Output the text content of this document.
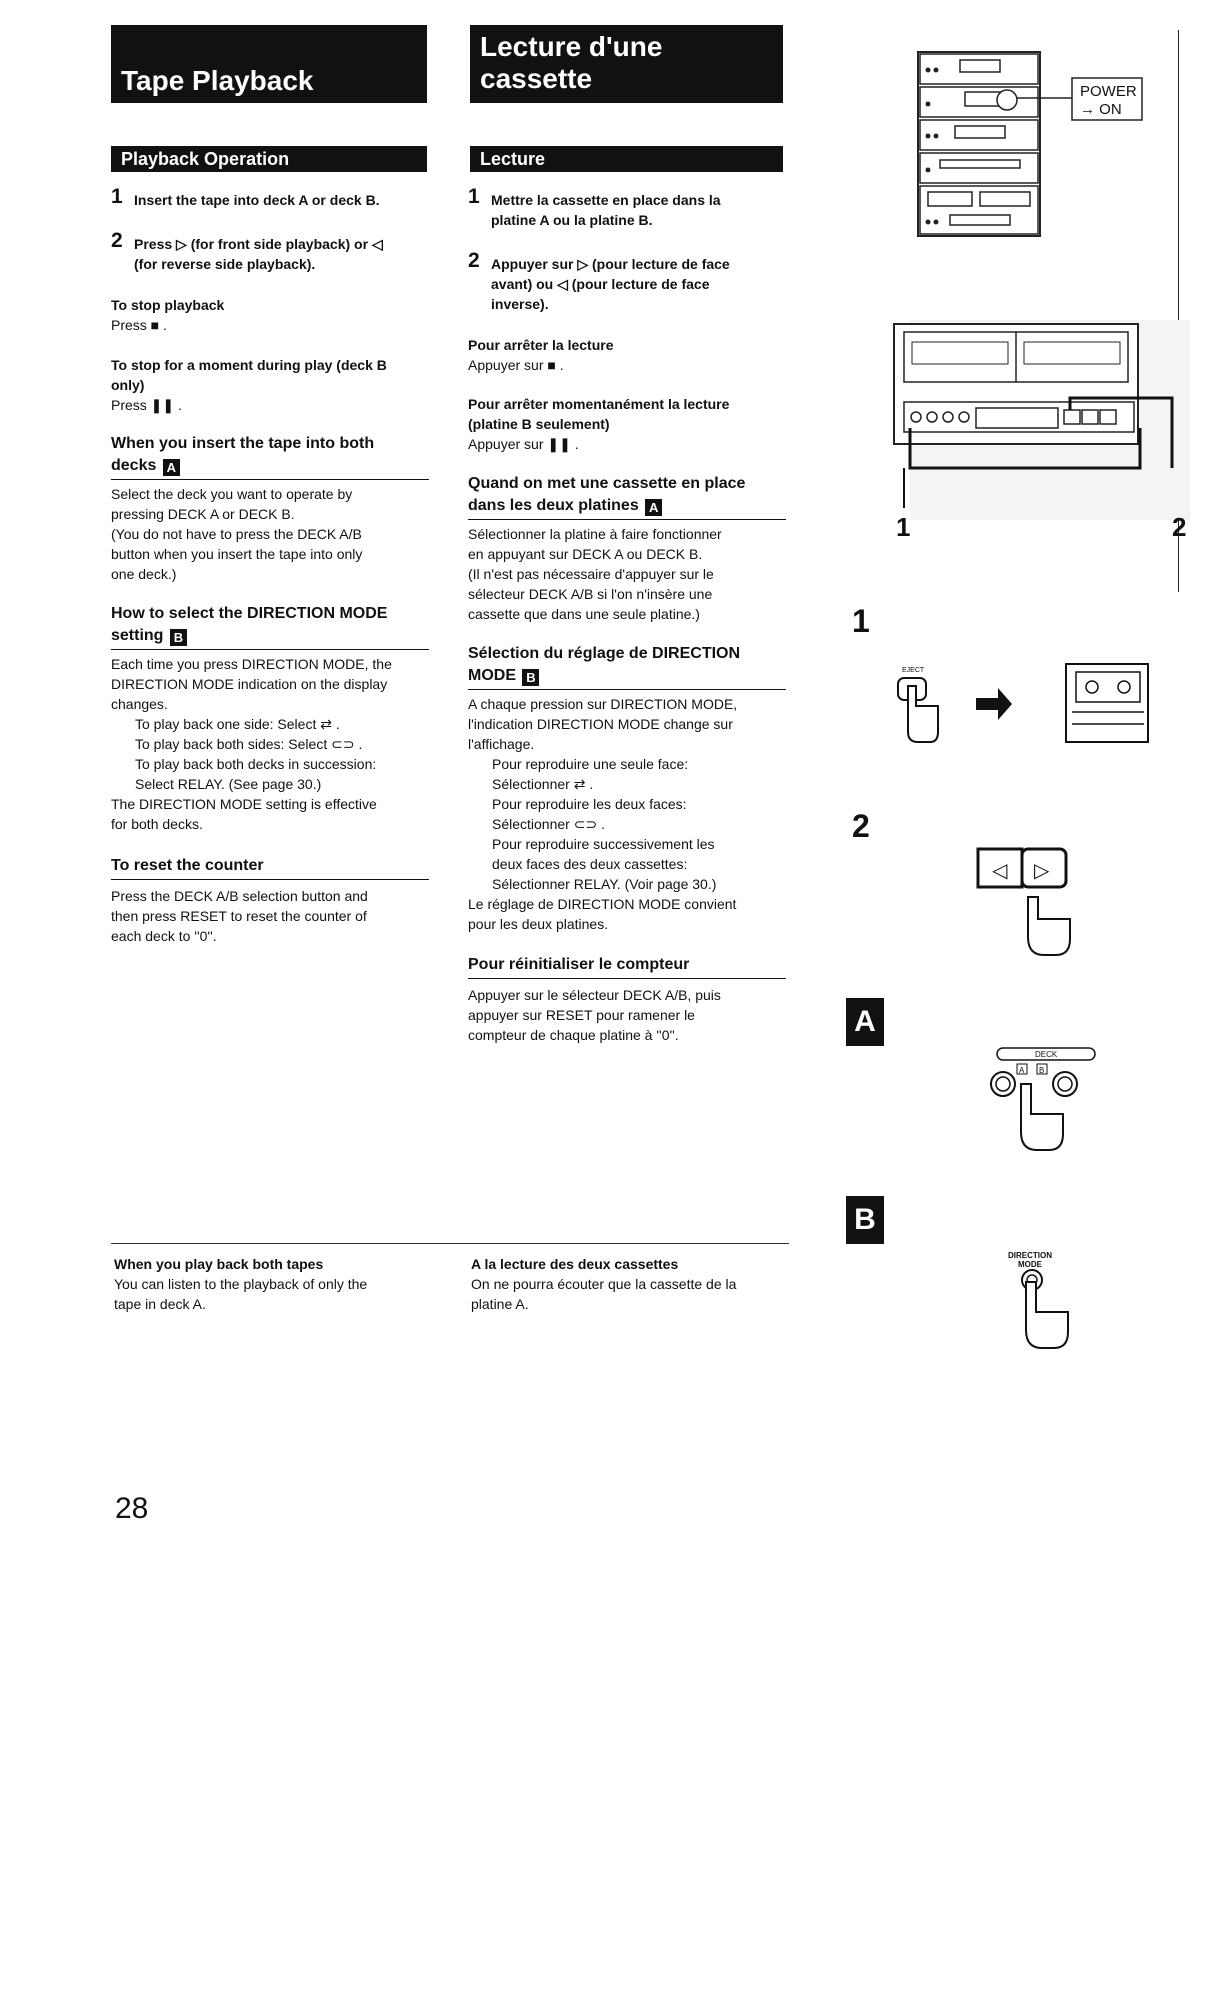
Tape Playback
Playback Operation
1 Insert the tape into deck A or deck B.
2 Press ▷ (for front side playback) or ◁
(for reverse side playback).
To stop playback
Press ■ .
To stop for a moment during play (deck B
only)
Press ❚❚ .
When you insert the tape into both
decks A
Select the deck you want to operate by
pressing DECK A or DECK B.
(You do not have to press the DECK A/B
button when you insert the tape into only
one deck.)
How to select the DIRECTION MODE
setting B
Each time you press DIRECTION MODE, the
DIRECTION MODE indication on the display
changes.
To play back one side: Select ⇄ .
To play back both sides: Select ⊂⊃ .
To play back both decks in succession:
Select RELAY. (See page 30.)
The DIRECTION MODE setting is effective
for both decks.
To reset the counter
Press the DECK A/B selection button and
then press RESET to reset the counter of
each deck to ''0''.
Lecture d'une
cassette
Lecture
1 Mettre la cassette en place dans la
platine A ou la platine B.
2 Appuyer sur ▷ (pour lecture de face
avant) ou ◁ (pour lecture de face
inverse).
Pour arrêter la lecture
Appuyer sur ■ .
Pour arrêter momentanément la lecture
(platine B seulement)
Appuyer sur ❚❚ .
Quand on met une cassette en place
dans les deux platines A
Sélectionner la platine à faire fonctionner
en appuyant sur DECK A ou DECK B.
(Il n'est pas nécessaire d'appuyer sur le
sélecteur DECK A/B si l'on n'insère une
cassette que dans une seule platine.)
Sélection du réglage de DIRECTION
MODE B
A chaque pression sur DIRECTION MODE,
l'indication DIRECTION MODE change sur
l'affichage.
Pour reproduire une seule face:
Sélectionner ⇄ .
Pour reproduire les deux faces:
Sélectionner ⊂⊃ .
Pour reproduire successivement les
deux faces des deux cassettes:
Sélectionner RELAY. (Voir page 30.)
Le réglage de DIRECTION MODE convient
pour les deux platines.
Pour réinitialiser le compteur
Appuyer sur le sélecteur DECK A/B, puis
appuyer sur RESET pour ramener le
compteur de chaque platine à ''0''.
When you play back both tapes
You can listen to the playback of only the
tape in deck A.
A la lecture des deux cassettes
On ne pourra écouter que la cassette de la
platine A.
28
POWER
→ ON
1	2
1
EJECT
2
◁ ▷
A
DECK
A B
B
DIRECTION
MODE
